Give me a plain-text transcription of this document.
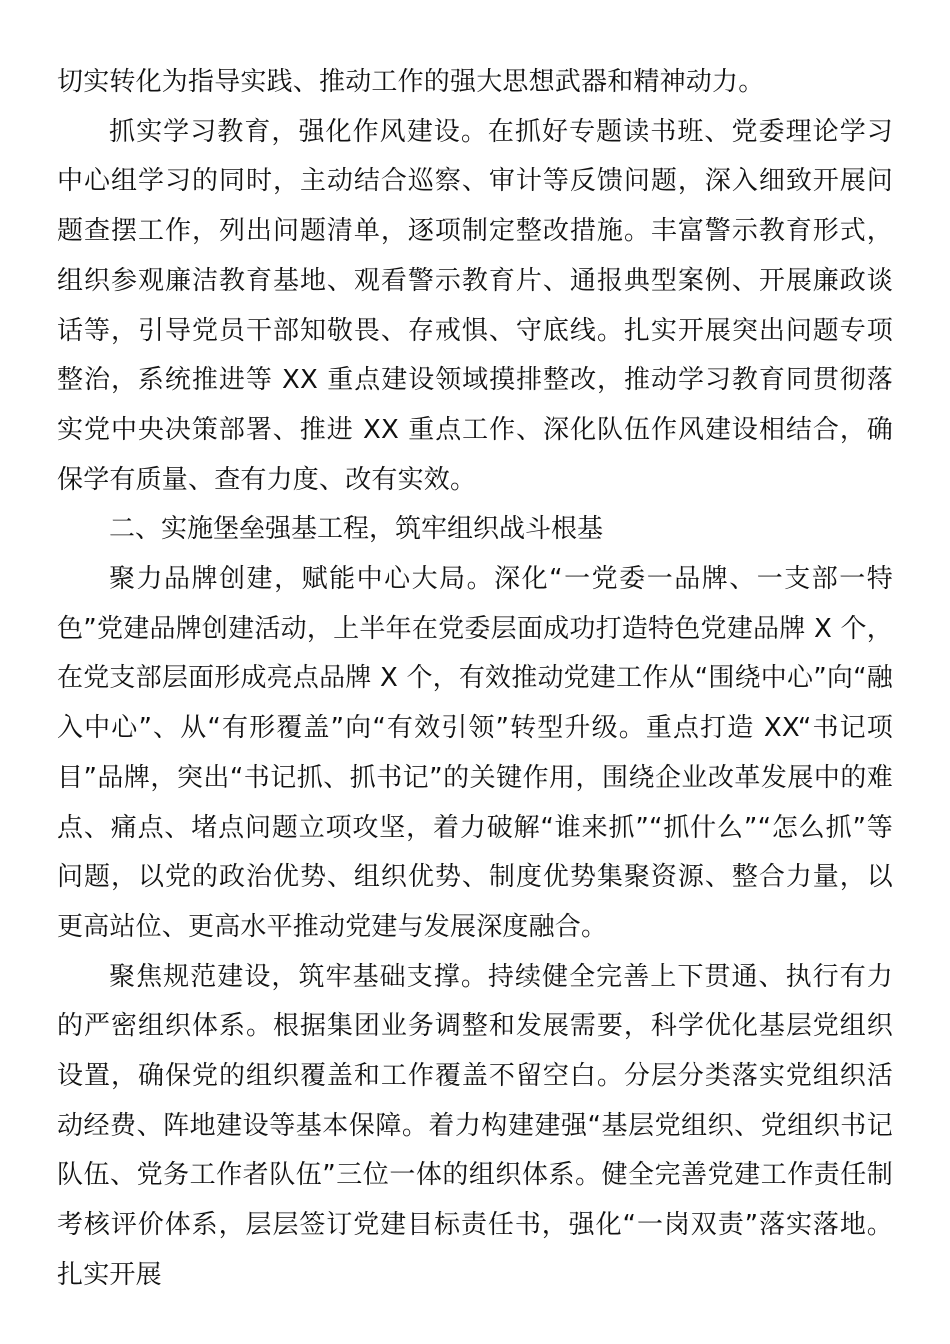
切实转化为指导实践、推动工作的强大思想武器和精神动力。

抓实学习教育，强化作风建设。在抓好专题读书班、党委理论学习中心组学习的同时，主动结合巡察、审计等反馈问题，深入细致开展问题查摆工作，列出问题清单，逐项制定整改措施。丰富警示教育形式，组织参观廉洁教育基地、观看警示教育片、通报典型案例、开展廉政谈话等，引导党员干部知敬畏、存戒惧、守底线。扎实开展突出问题专项整治，系统推进等 XX 重点建设领域摸排整改，推动学习教育同贯彻落实党中央决策部署、推进 XX 重点工作、深化队伍作风建设相结合，确保学有质量、查有力度、改有实效。

二、实施堡垒强基工程，筑牢组织战斗根基

聚力品牌创建，赋能中心大局。深化“一党委一品牌、一支部一特色”党建品牌创建活动，上半年在党委层面成功打造特色党建品牌 X 个，在党支部层面形成亮点品牌 X 个，有效推动党建工作从“围绕中心”向“融入中心”、从“有形覆盖”向“有效引领”转型升级。重点打造 XX“书记项目”品牌，突出“书记抓、抓书记”的关键作用，围绕企业改革发展中的难点、痛点、堵点问题立项攻坚，着力破解“谁来抓”“抓什么”“怎么抓”等问题，以党的政治优势、组织优势、制度优势集聚资源、整合力量，以更高站位、更高水平推动党建与发展深度融合。

聚焦规范建设，筑牢基础支撑。持续健全完善上下贯通、执行有力的严密组织体系。根据集团业务调整和发展需要，科学优化基层党组织设置，确保党的组织覆盖和工作覆盖不留空白。分层分类落实党组织活动经费、阵地建设等基本保障。着力构建建强“基层党组织、党组织书记队伍、党务工作者队伍”三位一体的组织体系。健全完善党建工作责任制考核评价体系，层层签订党建目标责任书，强化“一岗双责”落实落地。扎实开展
